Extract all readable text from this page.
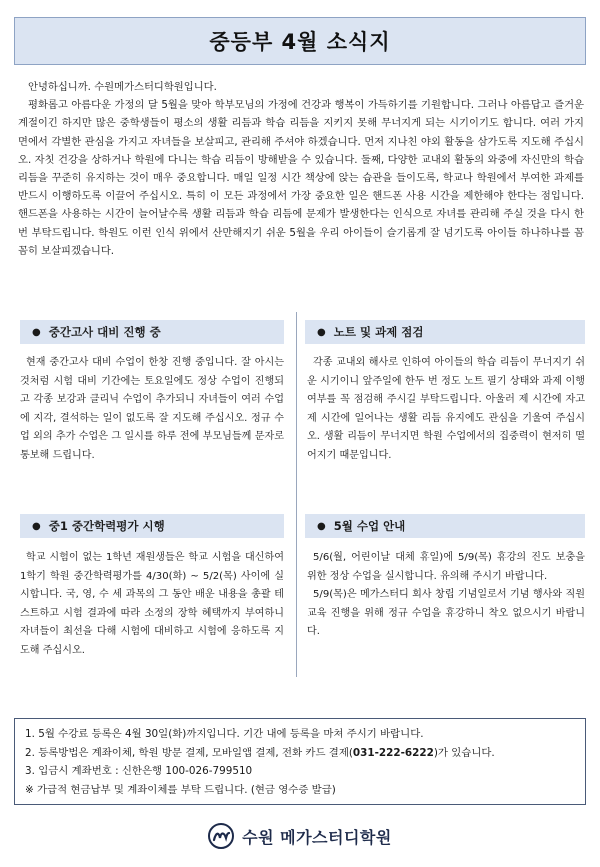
중등부 4월 소식지

안녕하십니까. 수원메가스터디학원입니다.

평화롭고 아름다운 가정의 달 5월을 맞아 학부모님의 가정에 건강과 행복이 가득하기를 기원합니다. 그러나 아름답고 즐거운 계절이긴 하지만 많은 중학생들이 평소의 생활 리듬과 학습 리듬을 지키지 못해 무너지게 되는 시기이기도 합니다. 여러 가지 면에서 각별한 관심을 가지고 자녀들을 보살피고, 관리해 주셔야 하겠습니다. 먼저 지나친 야외 활동을 삼가도록 지도해 주십시오. 자칫 건강을 상하거나 학원에 다니는 학습 리듬이 방해받을 수 있습니다. 둘째, 다양한 교내외 활동의 와중에 자신만의 학습 리듬을 꾸준히 유지하는 것이 매우 중요합니다. 매일 일정 시간 책상에 앉는 습관을 들이도록, 학교나 학원에서 부여한 과제를 반드시 이행하도록 이끌어 주십시오. 특히 이 모든 과정에서 가장 중요한 일은 핸드폰 사용 시간을 제한해야 한다는 점입니다. 핸드폰을 사용하는 시간이 늘어날수록 생활 리듬과 학습 리듬에 문제가 발생한다는 인식으로 자녀를 관리해 주실 것을 다시 한 번 부탁드립니다. 학원도 이런 인식 위에서 산만해지기 쉬운 5월을 우리 아이들이 슬기롭게 잘 넘기도록 아이들 하나하나를 꼼꼼히 보살피겠습니다.

● 중간고사 대비 진행 중

현재 중간고사 대비 수업이 한창 진행 중입니다. 잘 아시는 것처럼 시험 대비 기간에는 토요일에도 정상 수업이 진행되고 각종 보강과 클리닉 수업이 추가되니 자녀들이 여러 수업에 지각, 결석하는 일이 없도록 잘 지도해 주십시오. 정규 수업 외의 추가 수업은 그 일시를 하루 전에 부모님들께 문자로 통보해 드립니다.

● 노트 및 과제 점검

각종 교내외 해사로 인하여 아이들의 학습 리듬이 무너지기 쉬운 시기이니 앞주일에 한두 번 정도 노트 필기 상태와 과제 이행 여부를 꼭 점검해 주시길 부탁드립니다. 아울러 제 시간에 자고 제 시간에 일어나는 생활 리듬 유지에도 관심을 기울여 주십시오. 생활 리듬이 무너지면 학원 수업에서의 집중력이 현저히 떨어지기 때문입니다.

● 중1 중간학력평가 시행

학교 시험이 없는 1학년 재원생들은 학교 시험을 대신하여 1학기 학원 중간학력평가를 4/30(화) ~ 5/2(목) 사이에 실시합니다. 국, 영, 수 세 과목의 그 동안 배운 내용을 총괄 테스트하고 시험 결과에 따라 소정의 장학 혜택까지 부여하니 자녀들이 최선을 다해 시험에 대비하고 시험에 응하도록 지도해 주십시오.

● 5월 수업 안내

5/6(월, 어린이날 대체 휴일)에 5/9(목) 휴강의 진도 보충을 위한 정상 수업을 실시합니다. 유의해 주시기 바랍니다.

5/9(목)은 메가스터디 회사 창립 기념일로서 기념 행사와 직원 교육 진행을 위해 정규 수업을 휴강하니 착오 없으시기 바랍니다.

1. 5월 수강료 등록은 4월 30일(화)까지입니다. 기간 내에 등록을 마쳐 주시기 바랍니다.
2. 등록방법은 계좌이체, 학원 방문 결제, 모바일앱 결제, 전화 카드 결제(031-222-6222)가 있습니다.
3. 입금시 계좌번호 : 신한은행 100-026-799510
※ 가급적 현금납부 및 계좌이체를 부탁 드립니다. (현금 영수증 발급)
수원 메가스터디학원
